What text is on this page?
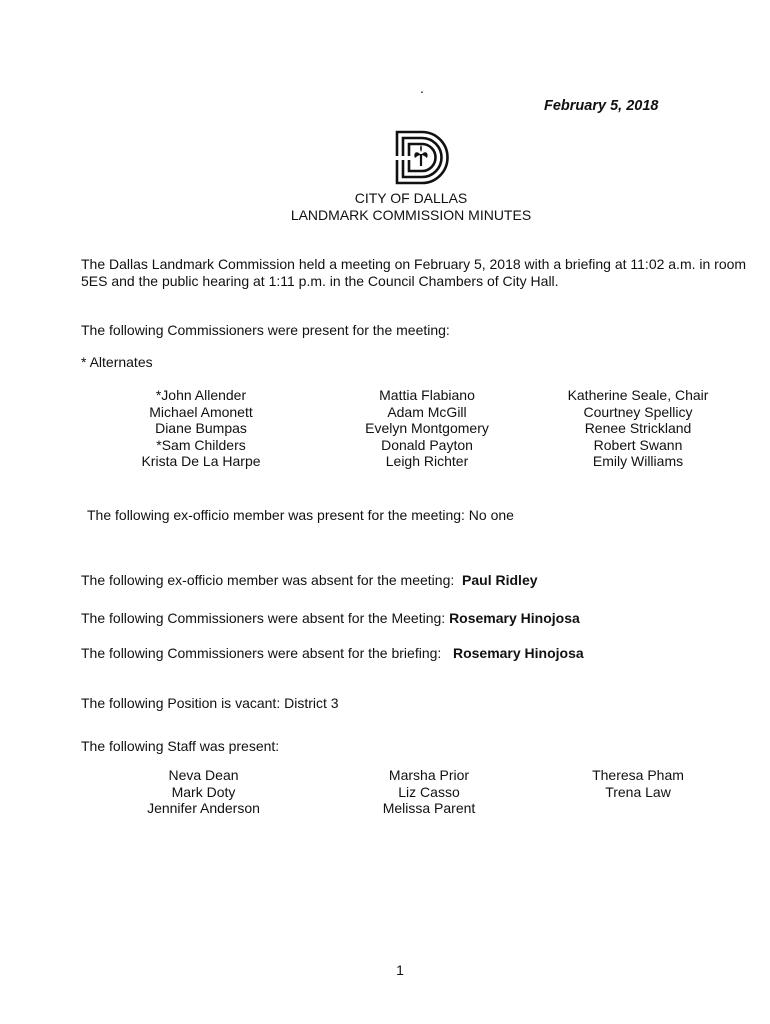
.
February 5, 2018
CITY OF DALLAS
LANDMARK COMMISSION MINUTES
The Dallas Landmark Commission held a meeting on February 5, 2018 with a briefing at 11:02 a.m. in room
5ES and the public hearing at 1:11 p.m. in the Council Chambers of City Hall.
The following Commissioners were present for the meeting:
* Alternates
*John Allender
Michael Amonett
Diane Bumpas
*Sam Childers
Krista De La Harpe
Mattia Flabiano
Adam McGill
Evelyn Montgomery
Donald Payton
Leigh Richter
Katherine Seale, Chair
Courtney Spellicy
Renee Strickland
Robert Swann
Emily Williams
The following ex-officio member was present for the meeting: No one
The following ex-officio member was absent for the meeting: Paul Ridley
The following Commissioners were absent for the Meeting: Rosemary Hinojosa
The following Commissioners were absent for the briefing: Rosemary Hinojosa
The following Position is vacant: District 3
The following Staff was present:
Neva Dean
Mark Doty
Jennifer Anderson
Marsha Prior
Liz Casso
Melissa Parent
Theresa Pham
Trena Law
1
